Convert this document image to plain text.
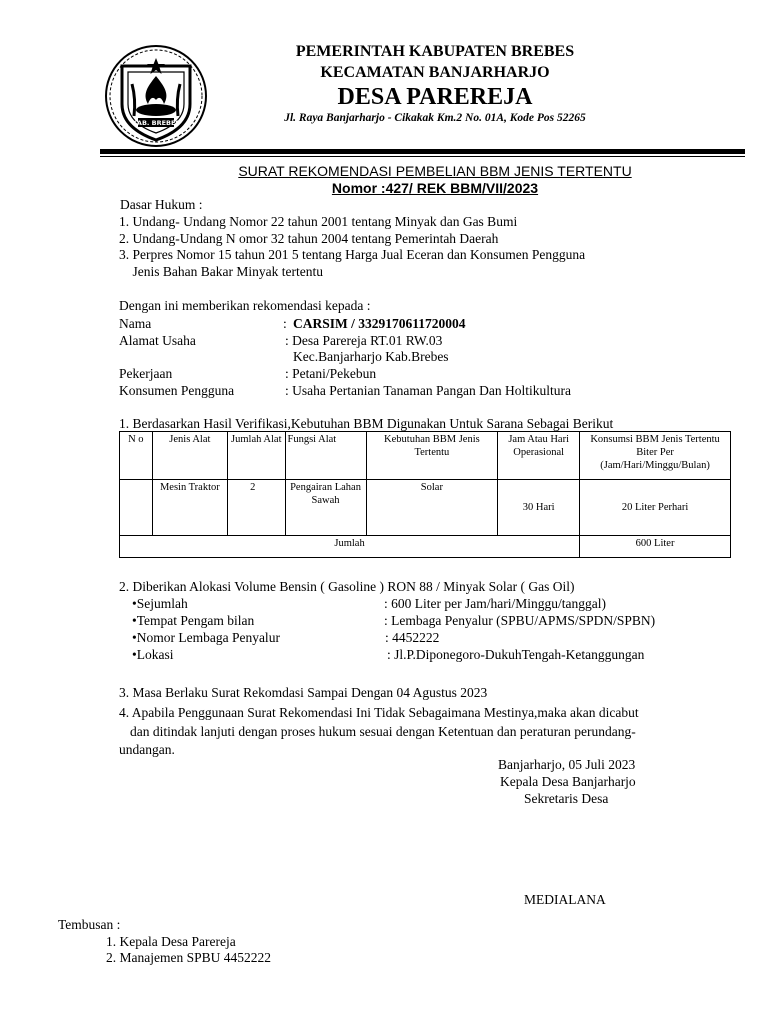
KAB. BREBES
PEMERINTAH KABUPATEN BREBES
KECAMATAN BANJARHARJO
DESA PAREREJA
Jl. Raya Banjarharjo - Cikakak Km.2 No. 01A, Kode Pos 52265
SURAT REKOMENDASI PEMBELIAN BBM JENIS TERTENTU
Nomor :427/ REK BBM/VII/2023
Dasar Hukum :
1. Undang- Undang Nomor 22 tahun 2001 tentang Minyak dan Gas Bumi
2. Undang-Undang N omor 32 tahun 2004 tentang Pemerintah Daerah
3. Perpres Nomor 15 tahun 201 5 tentang Harga Jual Eceran dan Konsumen Pengguna
Jenis Bahan Bakar Minyak tertentu
Dengan ini memberikan rekomendasi kepada :
Nama	: CARSIM / 3329170611720004
Alamat Usaha	: Desa Parereja RT.01 RW.03
Kec.Banjarharjo Kab.Brebes
Pekerjaan	: Petani/Pekebun
Konsumen Pengguna	: Usaha Pertanian Tanaman Pangan Dan Holtikultura
1. Berdasarkan Hasil Verifikasi,Kebutuhan BBM Digunakan Untuk Sarana Sebagai Berikut
N o	Jenis Alat	Jumlah Alat	Fungsi Alat	Kebutuhan BBM Jenis Tertentu	Jam Atau Hari Operasional	Konsumsi BBM Jenis Tertentu Biter Per (Jam/Hari/Minggu/Bulan)
	Mesin Traktor	2	Pengairan Lahan Sawah	Solar	30 Hari	20 Liter Perhari
Jumlah						600 Liter
2. Diberikan Alokasi Volume Bensin ( Gasoline ) RON 88 / Minyak Solar ( Gas Oil)
•Sejumlah	: 600 Liter per Jam/hari/Minggu/tanggal)
•Tempat Pengam bilan	: Lembaga Penyalur (SPBU/APMS/SPDN/SPBN)
•Nomor Lembaga Penyalur	: 4452222
•Lokasi	: Jl.P.Diponegoro-DukuhTengah-Ketanggungan
3. Masa Berlaku Surat Rekomdasi Sampai Dengan 04 Agustus 2023
4. Apabila Penggunaan Surat Rekomendasi Ini Tidak Sebagaimana Mestinya,maka akan dicabut
dan ditindak lanjuti dengan proses hukum sesuai dengan Ketentuan dan peraturan perundang-
undangan.
Banjarharjo, 05 Juli 2023
Kepala Desa Banjarharjo
Sekretaris Desa
MEDIALANA
Tembusan :
1. Kepala Desa Parereja
2. Manajemen SPBU 4452222
